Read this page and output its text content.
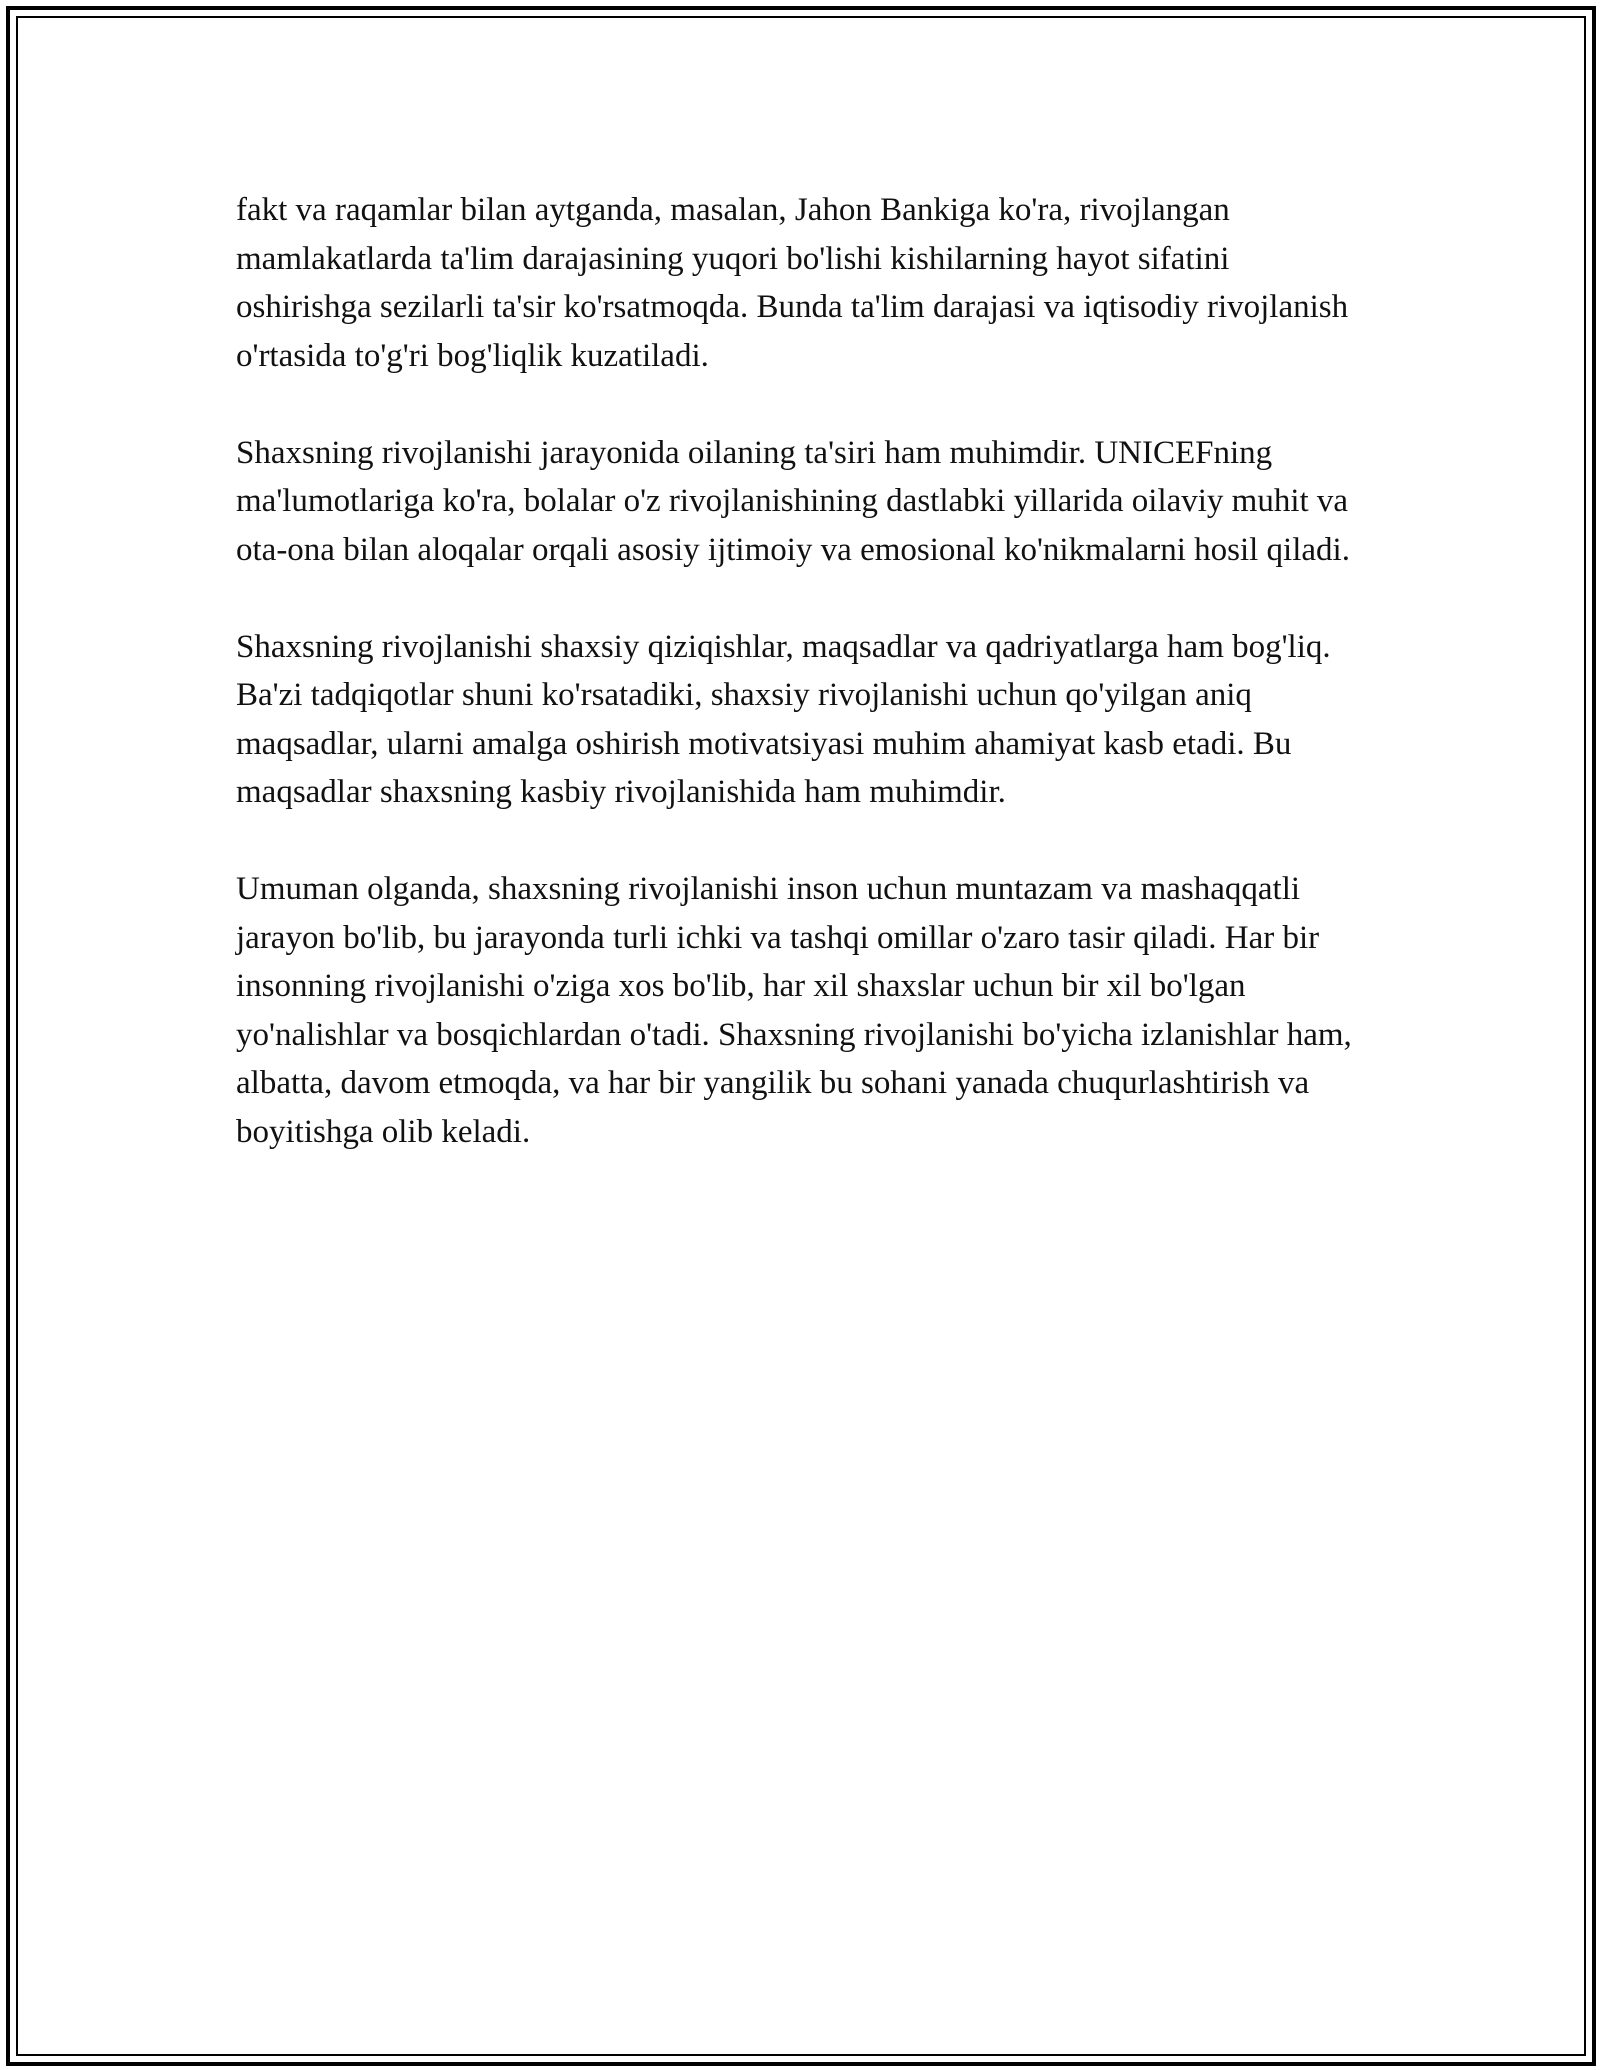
fakt va raqamlar bilan aytganda, masalan, Jahon Bankiga ko'ra, rivojlangan mamlakatlarda ta'lim darajasining yuqori bo'lishi kishilarning hayot sifatini oshirishga sezilarli ta'sir ko'rsatmoqda. Bunda ta'lim darajasi va iqtisodiy rivojlanish o'rtasida to'g'ri bog'liqlik kuzatiladi.

Shaxsning rivojlanishi jarayonida oilaning ta'siri ham muhimdir. UNICEFning ma'lumotlariga ko'ra, bolalar o'z rivojlanishining dastlabki yillarida oilaviy muhit va ota-ona bilan aloqalar orqali asosiy ijtimoiy va emosional ko'nikmalarni hosil qiladi.

Shaxsning rivojlanishi shaxsiy qiziqishlar, maqsadlar va qadriyatlarga ham bog'liq. Ba'zi tadqiqotlar shuni ko'rsatadiki, shaxsiy rivojlanishi uchun qo'yilgan aniq maqsadlar, ularni amalga oshirish motivatsiyasi muhim ahamiyat kasb etadi. Bu maqsadlar shaxsning kasbiy rivojlanishida ham muhimdir.

Umuman olganda, shaxsning rivojlanishi inson uchun muntazam va mashaqqatli jarayon bo'lib, bu jarayonda turli ichki va tashqi omillar o'zaro tasir qiladi. Har bir insonning rivojlanishi o'ziga xos bo'lib, har xil shaxslar uchun bir xil bo'lgan yo'nalishlar va bosqichlardan o'tadi. Shaxsning rivojlanishi bo'yicha izlanishlar ham, albatta, davom etmoqda, va har bir yangilik bu sohani yanada chuqurlashtirish va boyitishga olib keladi.
